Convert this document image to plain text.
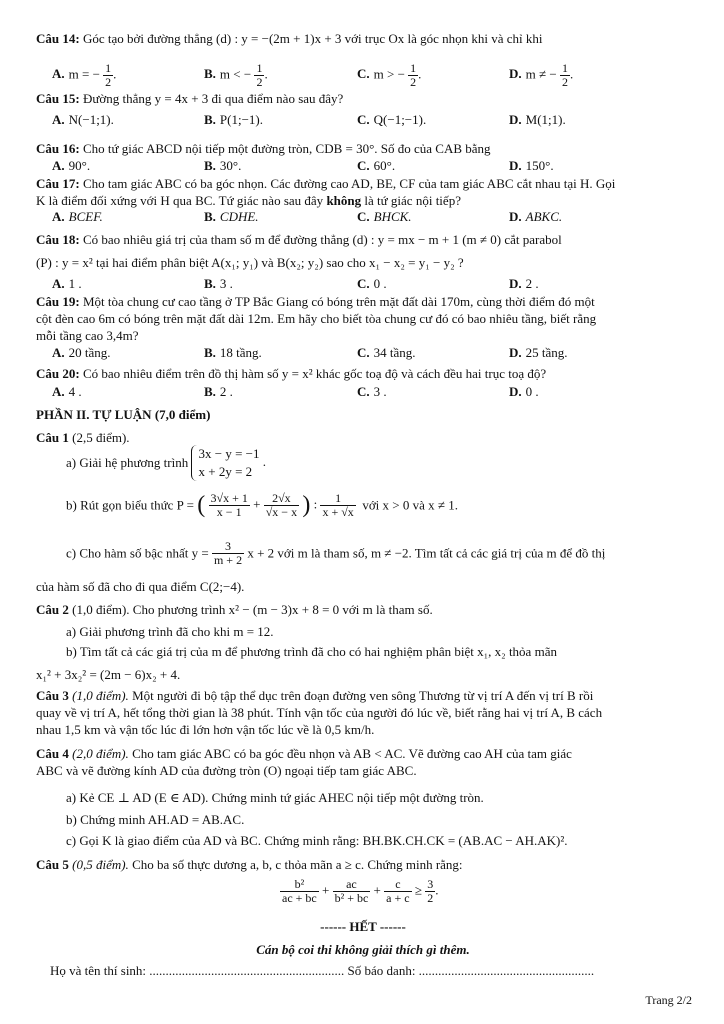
Câu 14: Góc tạo bởi đường thẳng (d) : y = −(2m + 1)x + 3 với trục Ox là góc nhọn khi và chỉ khi
A. m = − $\frac{1}{2}$ .	B. m < − $\frac{1}{2}$ .	C. m > − $\frac{1}{2}$ .	D. m ≠ − $\frac{1}{2}$ .
Câu 15: Đường thẳng y = 4x + 3 đi qua điểm nào sau đây?
A. N(−1;1).	B. P(1;−1).	C. Q(−1;−1).	D. M(1;1).
Câu 16: Cho tứ giác ABCD nội tiếp một đường tròn, CDB = 30°. Số đo của CAB bằng
A. 90°.	B. 30°.	C. 60°.	D. 150°.
Câu 17: Cho tam giác ABC có ba góc nhọn. Các đường cao AD, BE, CF của tam giác ABC cắt nhau tại H. Gọi
K là điểm đối xứng với H qua BC. Tứ giác nào sau đây không là tứ giác nội tiếp?
A. BCEF.	B. CDHE.	C. BHCK.	D. ABKC.
Câu 18: Có bao nhiêu giá trị của tham số m để đường thẳng (d) : y = mx − m + 1 (m ≠ 0) cắt parabol
(P) : y = x² tại hai điểm phân biệt A(x₁; y₁) và B(x₂; y₂) sao cho x₁ − x₂ = y₁ − y₂ ?
A. 1 .	B. 3 .	C. 0 .	D. 2 .
Câu 19: Một tòa chung cư cao tầng ở TP Bắc Giang có bóng trên mặt đất dài 170m, cùng thời điểm đó một
cột đèn cao 6m có bóng trên mặt đất dài 12m. Em hãy cho biết tòa chung cư đó có bao nhiêu tầng, biết rằng
mỗi tầng cao 3,4m?
A. 20 tầng.	B. 18 tầng.	C. 34 tầng.	D. 25 tầng.
Câu 20: Có bao nhiêu điểm trên đồ thị hàm số y = x² khác gốc toạ độ và cách đều hai trục toạ độ?
A. 4 .	B. 2 .	C. 3 .	D. 0 .
PHẦN II. TỰ LUẬN (7,0 điểm)
Câu 1 (2,5 điểm).
a) Giải hệ phương trình 3x − y = −1
x + 2y = 2 .
b) Rút gọn biểu thức P = ( $\frac{3√x + 1}{x - 1} + \frac{2√x}{√x - x}$ ) : $\frac{1}{x + √x}$ với x > 0 và x ≠ 1.
c) Cho hàm số bậc nhất $y = \frac{3}{m + 2}$ x + 2 với m là tham số, m ≠ −2. Tìm tất cả các giá trị của m để đồ thị
của hàm số đã cho đi qua điểm C(2;−4).
Câu 2 (1,0 điểm). Cho phương trình x² − (m − 3)x + 8 = 0 với m là tham số.
a) Giải phương trình đã cho khi m = 12.
b) Tìm tất cả các giá trị của m để phương trình đã cho có hai nghiệm phân biệt x₁, x₂ thỏa mãn
x₁² + 3x₂² = (2m − 6)x₂ + 4.
Câu 3 (1,0 điểm). Một người đi bộ tập thể dục trên đoạn đường ven sông Thương từ vị trí A đến vị trí B rồi
quay về vị trí A, hết tổng thời gian là 38 phút. Tính vận tốc của người đó lúc về, biết rằng hai vị trí A, B cách
nhau 1,5 km và vận tốc lúc đi lớn hơn vận tốc lúc về là 0,5 km/h.
Câu 4 (2,0 điểm). Cho tam giác ABC có ba góc đều nhọn và AB < AC. Vẽ đường cao AH của tam giác
ABC và vẽ đường kính AD của đường tròn (O) ngoại tiếp tam giác ABC.
a) Kẻ CE ⊥ AD (E ∈ AD). Chứng minh tứ giác AHEC nội tiếp một đường tròn.
b) Chứng minh AH.AD = AB.AC.
c) Gọi K là giao điểm của AD và BC. Chứng minh rằng: BH.BK.CH.CK = (AB.AC − AH.AK)².
Câu 5 (0,5 điểm). Cho ba số thực dương a, b, c thỏa mãn a ≥ c. Chứng minh rằng:
$\frac{\text{b²}}{ac + bc} + \frac{ac}{\text{b² + bc}} + \frac{c}{a + c} \ge \frac{3}{2}$ .
------ HẾT ------
Cán bộ coi thi không giải thích gì thêm.
Họ và tên thí sinh: ............................................................ Số báo danh: ......................................................
Trang 2/2
